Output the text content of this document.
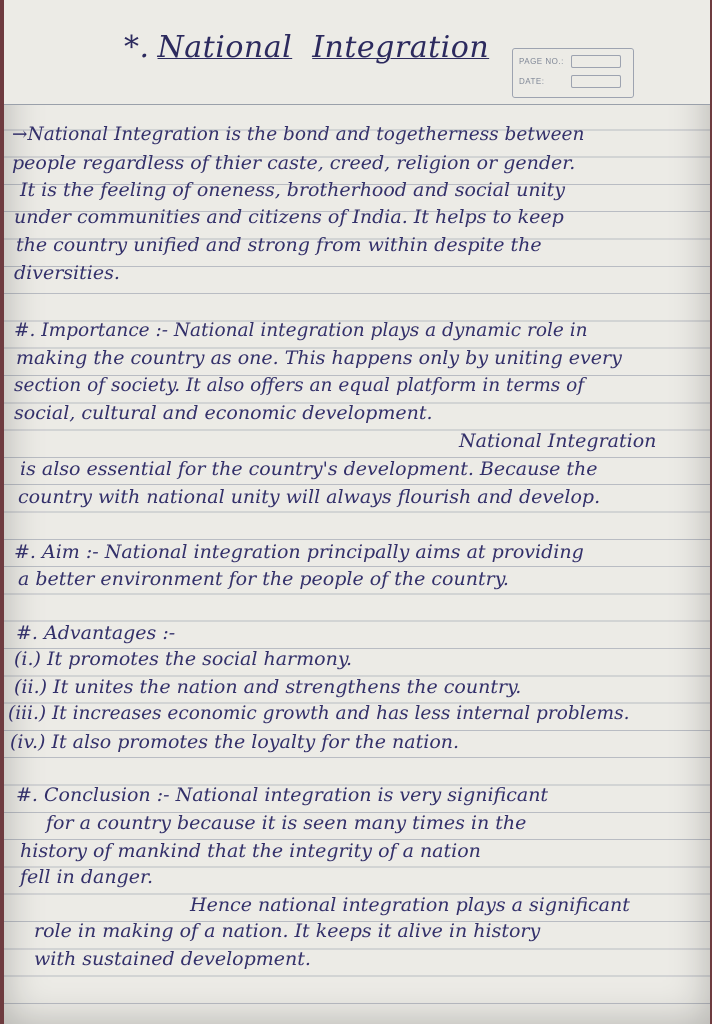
*. National Integration	PAGE NO.:
DATE:
→National Integration is the bond and togetherness between
people regardless of thier caste, creed, religion or gender.
It is the feeling of oneness, brotherhood and social unity
under communities and citizens of India. It helps to keep
the country unified and strong from within despite the
diversities.
#. Importance :- National integration plays a dynamic role in
making the country as one. This happens only by uniting every
section of society. It also offers an equal platform in terms of
social, cultural and economic development.
National Integration
is also essential for the country's development. Because the
country with national unity will always flourish and develop.
#. Aim :- National integration principally aims at providing
a better environment for the people of the country.
#. Advantages :-
(i.) It promotes the social harmony.
(ii.) It unites the nation and strengthens the country.
(iii.) It increases economic growth and has less internal problems.
(iv.) It also promotes the loyalty for the nation.
#. Conclusion :- National integration is very significant
for a country because it is seen many times in the
history of mankind that the integrity of a nation
fell in danger.
Hence national integration plays a significant
role in making of a nation. It keeps it alive in history
with sustained development.
